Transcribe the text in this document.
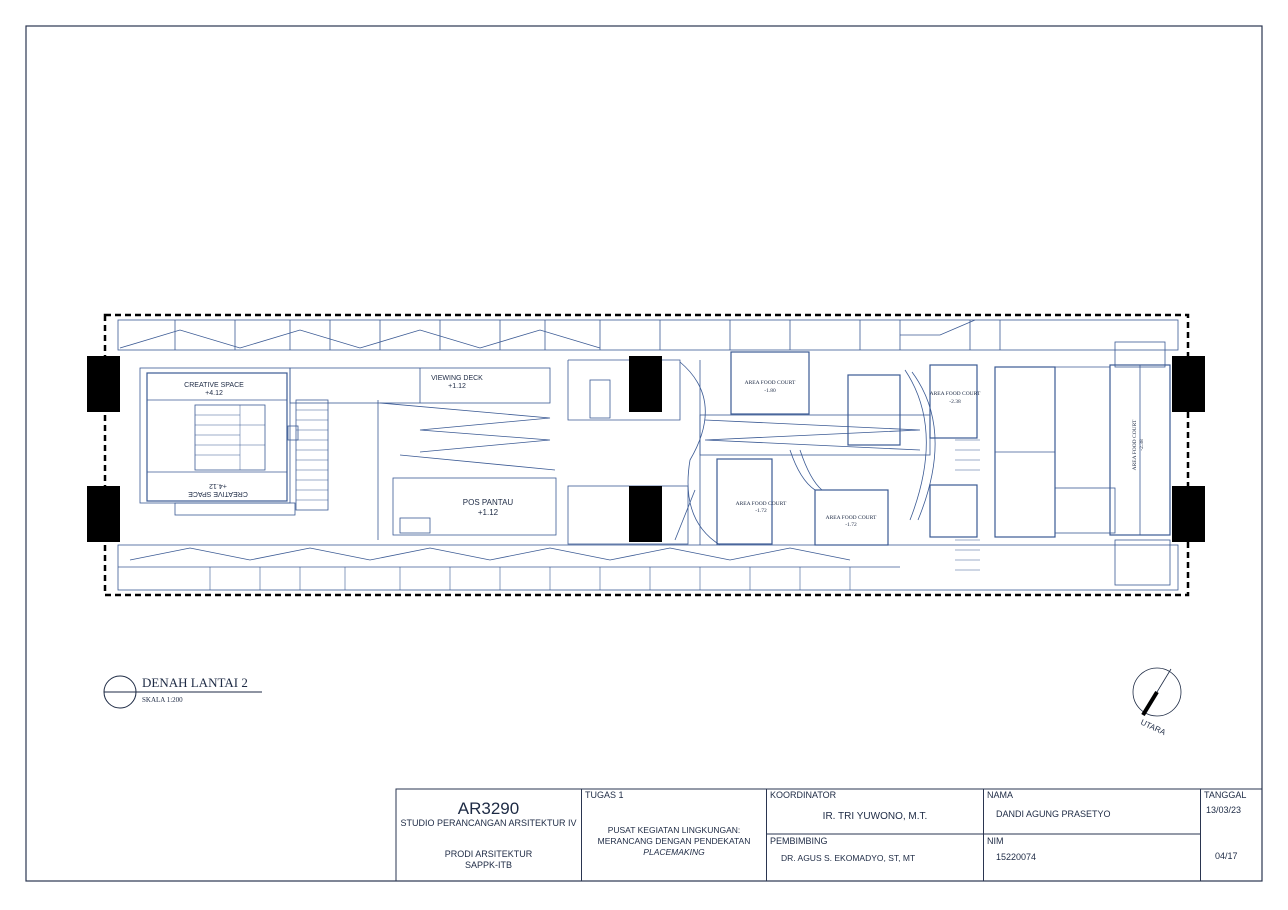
CREATIVE SPACE
+4.12
CREATIVE SPACE
+4.12
VIEWING DECK
+1.12
POS PANTAU
+1.12
AREA FOOD COURT
-1.80	AREA FOOD COURT
-2.38
AREA FOOD COURT
-1.72
AREA FOOD COURT
-1.72
AREA FOOD COURT -2.38
DENAH LANTAI 2
SKALA 1:200
UTARA
AR3290
STUDIO PERANCANGAN ARSITEKTUR IV
PRODI ARSITEKTUR
SAPPK-ITB
TUGAS 1
PUSAT KEGIATAN LINGKUNGAN:
MERANCANG DENGAN PENDEKATAN
PLACEMAKING
KOORDINATOR
IR. TRI YUWONO, M.T.
PEMBIMBING
DR. AGUS S. EKOMADYO, ST, MT
NAMA
DANDI AGUNG PRASETYO
NIM
15220074
TANGGAL
13/03/23
04/17
